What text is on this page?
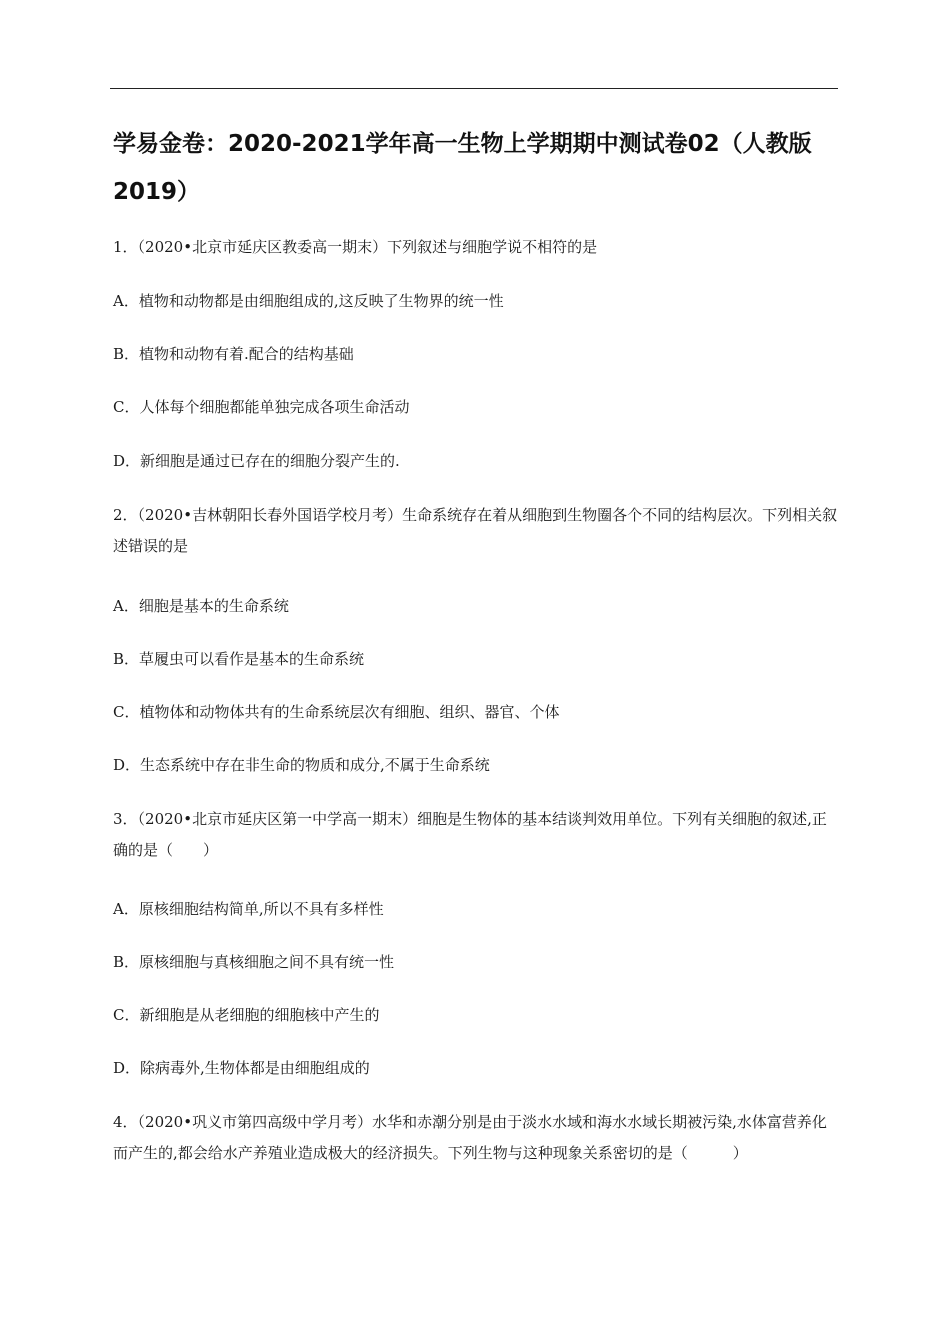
学易金卷：2020-2021学年高一生物上学期期中测试卷02（人教版2019）
1．（2020•北京市延庆区教委高一期末）下列叙述与细胞学说不相符的是
A．植物和动物都是由细胞组成的,这反映了生物界的统一性
B．植物和动物有着.配合的结构基础
C．人体每个细胞都能单独完成各项生命活动
D．新细胞是通过已存在的细胞分裂产生的.
2．（2020•吉林朝阳长春外国语学校月考）生命系统存在着从细胞到生物圈各个不同的结构层次。下列相关叙述错误的是
A．细胞是基本的生命系统
B．草履虫可以看作是基本的生命系统
C．植物体和动物体共有的生命系统层次有细胞、组织、器官、个体
D．生态系统中存在非生命的物质和成分,不属于生命系统
3．（2020•北京市延庆区第一中学高一期末）细胞是生物体的基本结谈判效用单位。下列有关细胞的叙述,正确的是（　　）
A．原核细胞结构简单,所以不具有多样性
B．原核细胞与真核细胞之间不具有统一性
C．新细胞是从老细胞的细胞核中产生的
D．除病毒外,生物体都是由细胞组成的
4．（2020•巩义市第四高级中学月考）水华和赤潮分别是由于淡水水域和海水水域长期被污染,水体富营养化而产生的,都会给水产养殖业造成极大的经济损失。下列生物与这种现象关系密切的是（　　　）
